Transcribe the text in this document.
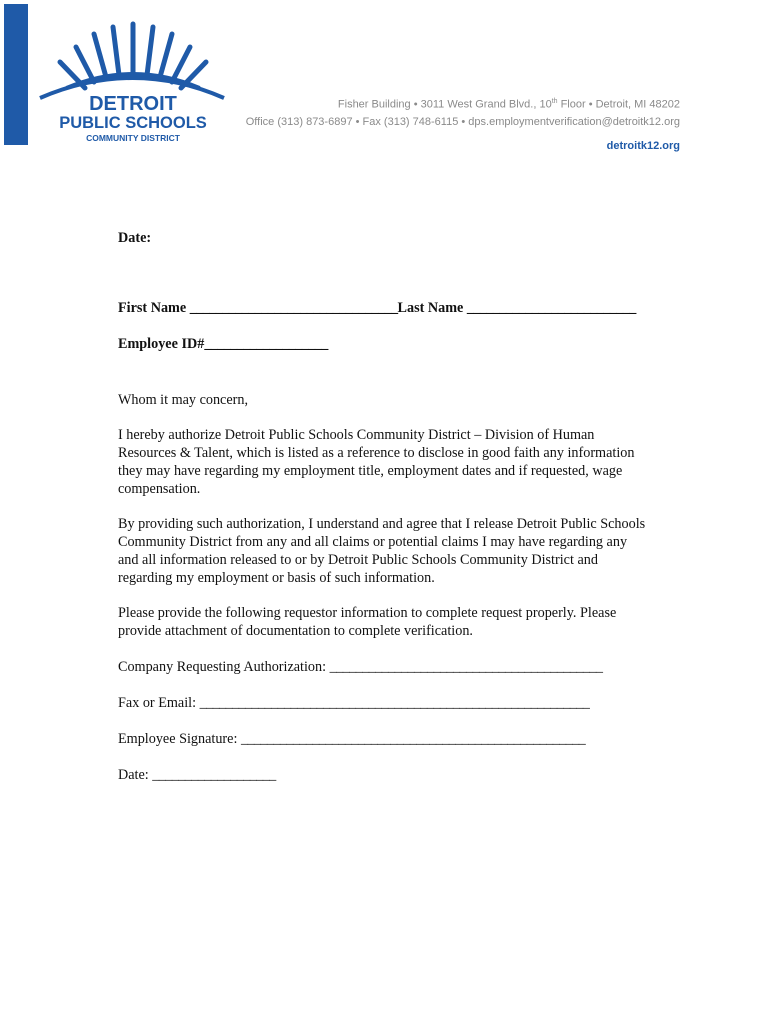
DETROIT
PUBLIC SCHOOLS
COMMUNITY DISTRICT
Fisher Building • 3011 West Grand Blvd., 10th Floor • Detroit, MI 48202
Office (313) 873-6897 • Fax (313) 748-6115 • dps.employmentverification@detroitk12.org
detroitk12.org
Date:
First Name ________________________________Last Name __________________________
Employee ID#___________________
Whom it may concern,

I hereby authorize Detroit Public Schools Community District – Division of Human

Resources & Talent, which is listed as a reference to disclose in good faith any information

they may have regarding my employment title, employment dates and if requested, wage

compensation.

By providing such authorization, I understand and agree that I release Detroit Public Schools

Community District from any and all claims or potential claims I may have regarding any

and all information released to or by Detroit Public Schools Community District and

regarding my employment or basis of such information.

Please provide the following requestor information to complete request properly. Please

provide attachment of documentation to complete verification.

Company Requesting Authorization: __________________________________________
Fax or Email: ____________________________________________________________
Employee Signature: _____________________________________________________
Date: ___________________
